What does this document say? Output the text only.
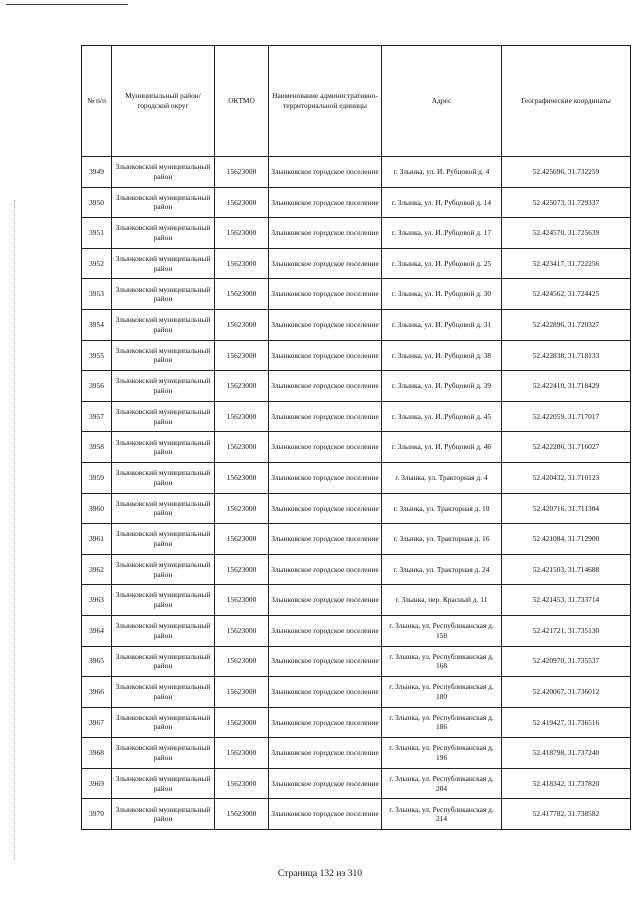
№ п/п	Муниципальный район/городской округ	ОКТМО	Наименование административно-территориальной единицы	Адрес	Географические координаты
3949	Злынковский муниципальный район	15623000	Злынковское городское поселение	г. Злынка, ул. И. Рубцовой д. 4	52.425696, 31.732259
3950	Злынковский муниципальный район	15623000	Злынковское городское поселение	г. Злынка, ул. И. Рубцовой д. 14	52.425073, 31.729337
3951	Злынковский муниципальный район	15623000	Злынковское городское поселение	г. Злынка, ул. И. Рубцовой д. 17	52.424570, 31.725639
3952	Злынковский муниципальный район	15623000	Злынковское городское поселение	г. Злынка, ул. И. Рубцовой д. 25	52.423417, 31.722256
3953	Злынковский муниципальный район	15623000	Злынковское городское поселение	г. Злынка, ул. И. Рубцовой д. 30	52.424562, 31.724425
3954	Злынковский муниципальный район	15623000	Злынковское городское поселение	г. Злынка, ул. И. Рубцовой д. 31	52.422896, 31.720327
3955	Злынковский муниципальный район	15623000	Злынковское городское поселение	г. Злынка, ул. И. Рубцовой д. 38	52.422838, 31.718133
3956	Злынковский муниципальный район	15623000	Злынковское городское поселение	г. Злынка, ул. И. Рубцовой д. 39	52.422410, 31.718429
3957	Злынковский муниципальный район	15623000	Злынковское городское поселение	г. Злынка, ул. И. Рубцовой д. 45	52.422059, 31.717017
3958	Злынковский муниципальный район	15623000	Злынковское городское поселение	г. Злынка, ул. И. Рубцовой д. 46	52.422286, 31.716027
3959	Злынковский муниципальный район	15623000	Злынковское городское поселение	г. Злынка, ул. Тракторная д. 4	52.420432, 31.710123
3960	Злынковский муниципальный район	15623000	Злынковское городское поселение	г. Злынка, ул. Тракторная д. 10	52.420716, 31.711304
3961	Злынковский муниципальный район	15623000	Злынковское городское поселение	г. Злынка, ул. Тракторная д. 16	52.421084, 31.712900
3962	Злынковский муниципальный район	15623000	Злынковское городское поселение	г. Злынка, ул. Тракторная д. 24	52.421503, 31.714688
3963	Злынковский муниципальный район	15623000	Злынковское городское поселение	г. Злынка, пер. Красный д. 11	52.421453, 31.733714
3964	Злынковский муниципальный район	15623000	Злынковское городское поселение	г. Злынка, ул. Республиканская д. 158	52.421721, 31.735130
3965	Злынковский муниципальный район	15623000	Злынковское городское поселение	г. Злынка, ул. Республиканская д. 168	52.420970, 31.735537
3966	Злынковский муниципальный район	15623000	Злынковское городское поселение	г. Злынка, ул. Республиканская д. 180	52.420067, 31.736012
3967	Злынковский муниципальный район	15623000	Злынковское городское поселение	г. Злынка, ул. Республиканская д. 186	52.419427, 31.736516
3968	Злынковский муниципальный район	15623000	Злынковское городское поселение	г. Злынка, ул. Республиканская д. 196	52.418798, 31.737240
3969	Злынковский муниципальный район	15623000	Злынковское городское поселение	г. Злынка, ул. Республиканская д. 204	52.418342, 31.737820
3970	Злынковский муниципальный район	15623000	Злынковское городское поселение	г. Злынка, ул. Республиканская д. 214	52.417782, 31.738582
Страница 132 из 310
